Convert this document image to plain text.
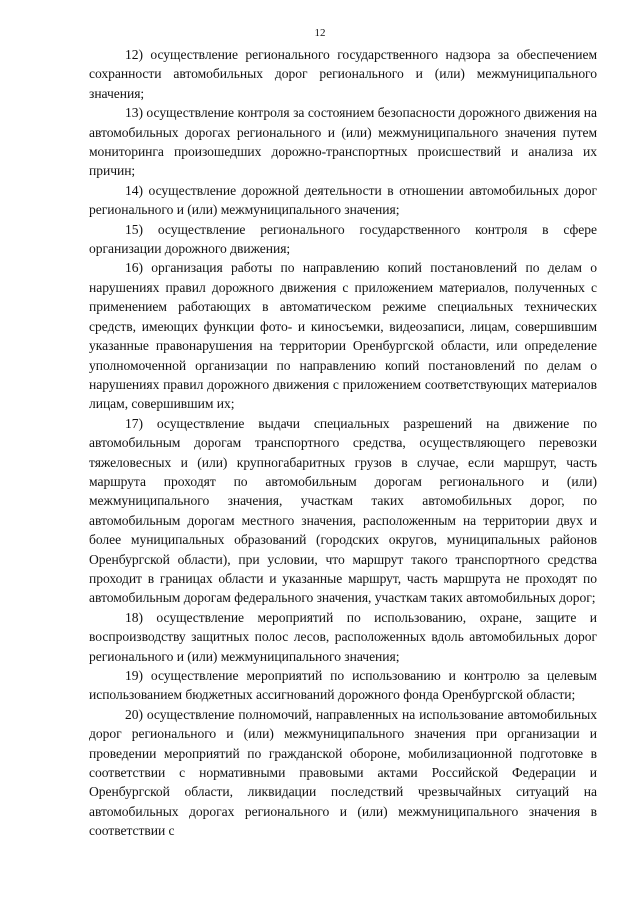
12

12) осуществление регионального государственного надзора за обеспечением сохранности автомобильных дорог регионального и (или) межмуниципального значения;

13) осуществление контроля за состоянием безопасности дорожного движения на автомобильных дорогах регионального и (или) межмуниципального значения путем мониторинга произошедших дорожно-транспортных происшествий и анализа их причин;

14) осуществление дорожной деятельности в отношении автомобильных дорог регионального и (или) межмуниципального значения;

15) осуществление регионального государственного контроля в сфере организации дорожного движения;

16) организация работы по направлению копий постановлений по делам о нарушениях правил дорожного движения с приложением материалов, полученных с применением работающих в автоматическом режиме специальных технических средств, имеющих функции фото- и киносъемки, видеозаписи, лицам, совершившим указанные правонарушения на территории Оренбургской области, или определение уполномоченной организации по направлению копий постановлений по делам о нарушениях правил дорожного движения с приложением соответствующих материалов лицам, совершившим их;

17) осуществление выдачи специальных разрешений на движение по автомобильным дорогам транспортного средства, осуществляющего перевозки тяжеловесных и (или) крупногабаритных грузов в случае, если маршрут, часть маршрута проходят по автомобильным дорогам регионального и (или) межмуниципального значения, участкам таких автомобильных дорог, по автомобильным дорогам местного значения, расположенным на территории двух и более муниципальных образований (городских округов, муниципальных районов Оренбургской области), при условии, что маршрут такого транспортного средства проходит в границах области и указанные маршрут, часть маршрута не проходят по автомобильным дорогам федерального значения, участкам таких автомобильных дорог;

18) осуществление мероприятий по использованию, охране, защите и воспроизводству защитных полос лесов, расположенных вдоль автомобильных дорог регионального и (или) межмуниципального значения;

19) осуществление мероприятий по использованию и контролю за целевым использованием бюджетных ассигнований дорожного фонда Оренбургской области;

20) осуществление полномочий, направленных на использование автомобильных дорог регионального и (или) межмуниципального значения при организации и проведении мероприятий по гражданской обороне, мобилизационной подготовке в соответствии с нормативными правовыми актами Российской Федерации и Оренбургской области, ликвидации последствий чрезвычайных ситуаций на автомобильных дорогах регионального и (или) межмуниципального значения в соответствии с
